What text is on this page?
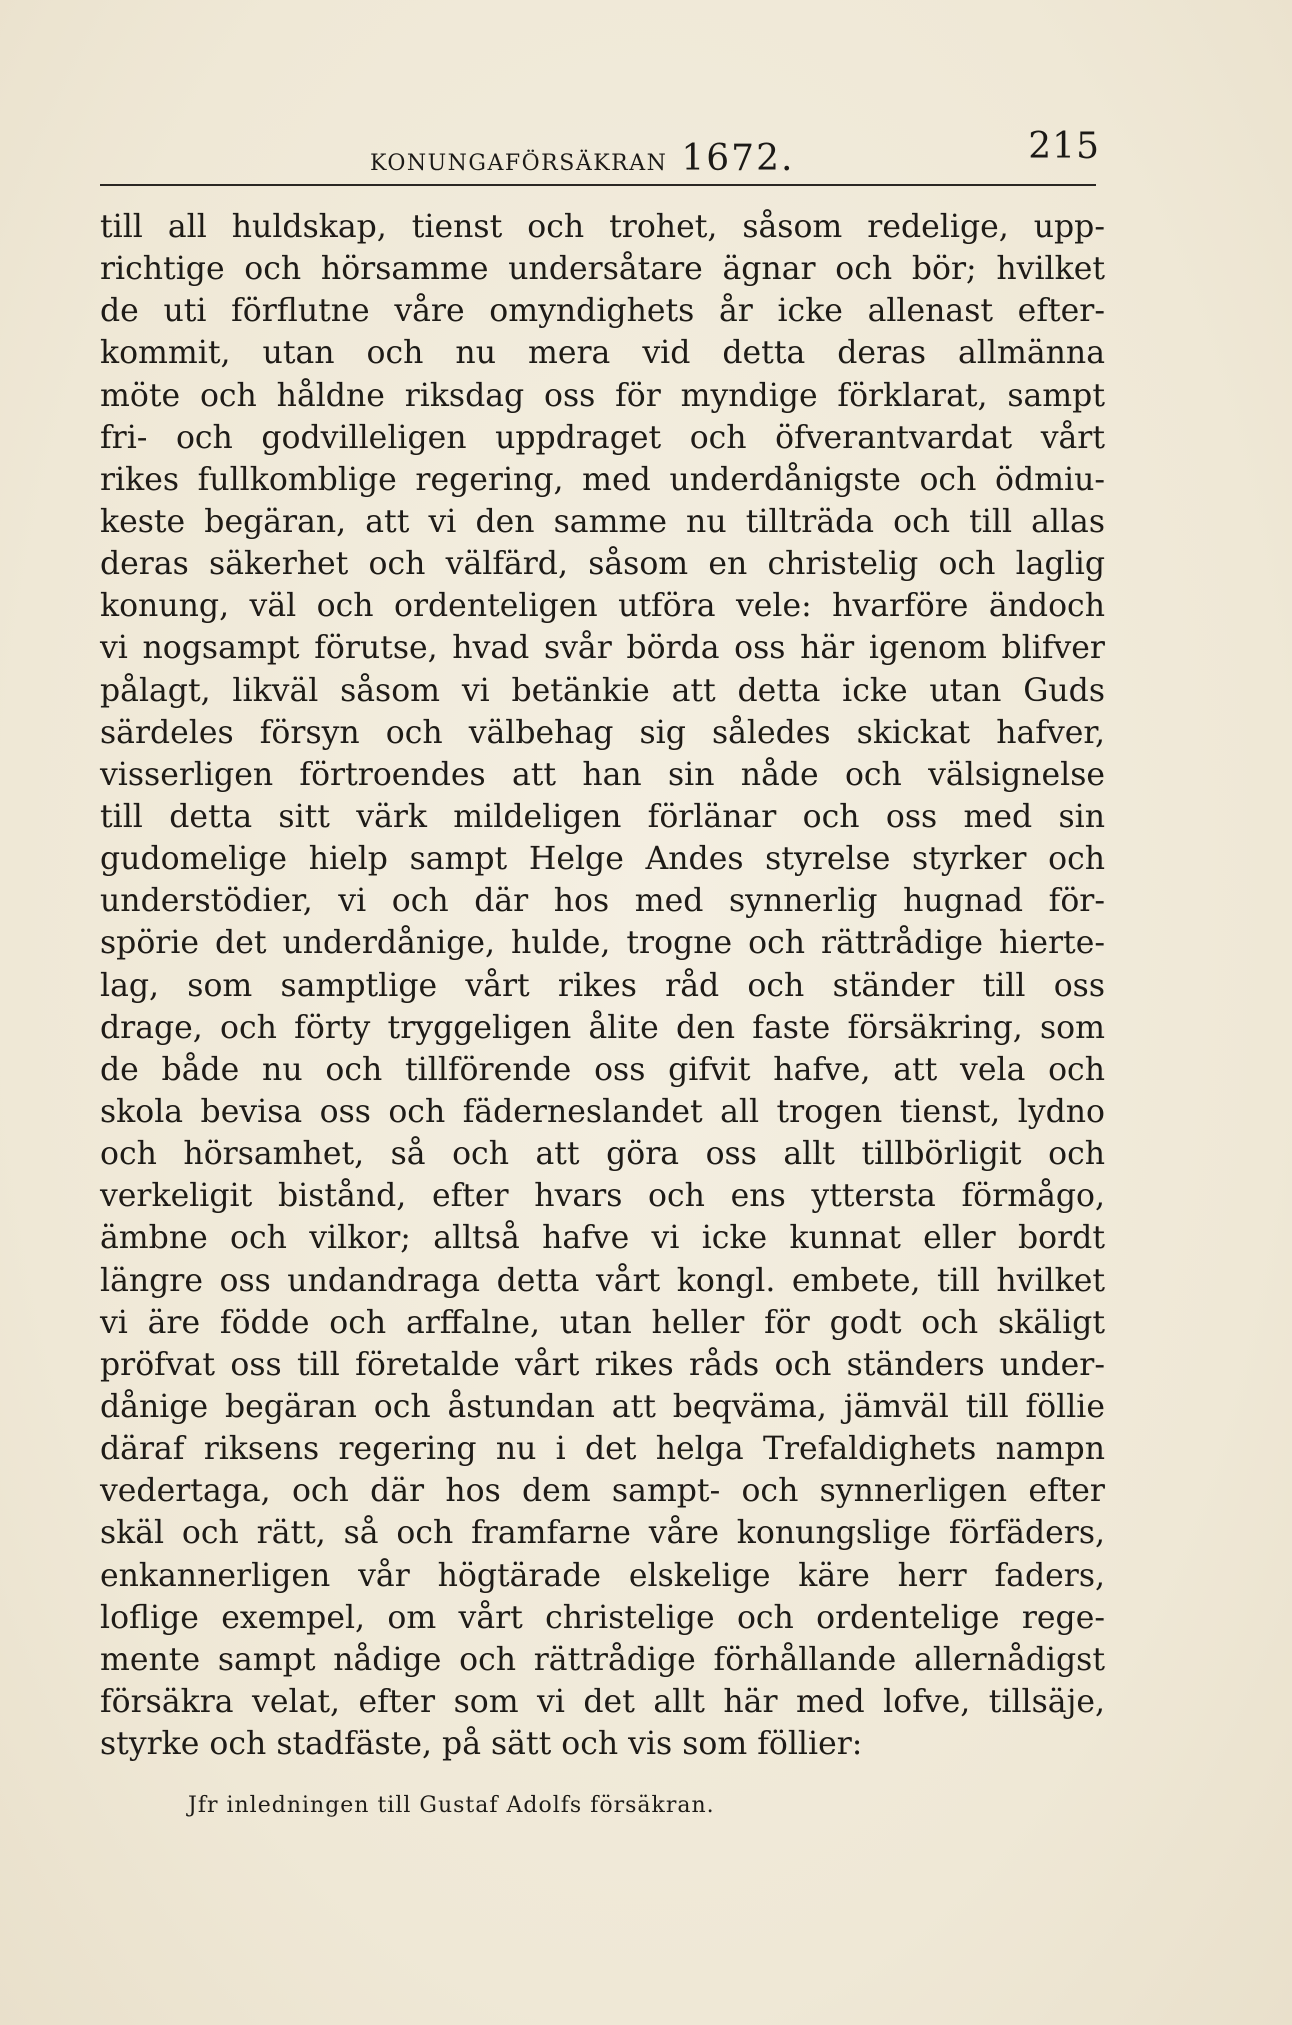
KONUNGAFÖRSÄKRAN 1672.	215
till all huldskap, tienst och trohet, såsom redelige, upp-
richtige och hörsamme undersåtare ägnar och bör; hvilket
de uti förflutne våre omyndighets år icke allenast efter-
kommit, utan och nu mera vid detta deras allmänna
möte och håldne riksdag oss för myndige förklarat, sampt
fri- och godvilleligen uppdraget och öfverantvardat vårt
rikes fullkomblige regering, med underdånigste och ödmiu-
keste begäran, att vi den samme nu tillträda och till allas
deras säkerhet och välfärd, såsom en christelig och laglig
konung, väl och ordenteligen utföra vele: hvarföre ändoch
vi nogsampt förutse, hvad svår börda oss här igenom blifver
pålagt, likväl såsom vi betänkie att detta icke utan Guds
särdeles försyn och välbehag sig således skickat hafver,
visserligen förtroendes att han sin nåde och välsignelse
till detta sitt värk mildeligen förlänar och oss med sin
gudomelige hielp sampt Helge Andes styrelse styrker och
understödier, vi och där hos med synnerlig hugnad för-
spörie det underdånige, hulde, trogne och rättrådige hierte-
lag, som samptlige vårt rikes råd och ständer till oss
drage, och förty tryggeligen ålite den faste försäkring, som
de både nu och tillförende oss gifvit hafve, att vela och
skola bevisa oss och fäderneslandet all trogen tienst, lydno
och hörsamhet, så och att göra oss allt tillbörligit och
verkeligit bistånd, efter hvars och ens yttersta förmågo,
ämbne och vilkor; alltså hafve vi icke kunnat eller bordt
längre oss undandraga detta vårt kongl. embete, till hvilket
vi äre födde och arffalne, utan heller för godt och skäligt
pröfvat oss till företalde vårt rikes råds och ständers under-
dånige begäran och åstundan att beqväma, jämväl till föllie
däraf riksens regering nu i det helga Trefaldighets nampn
vedertaga, och där hos dem sampt- och synnerligen efter
skäl och rätt, så och framfarne våre konungslige förfäders,
enkannerligen vår högtärade elskelige käre herr faders,
loflige exempel, om vårt christelige och ordentelige rege-
mente sampt nådige och rättrådige förhållande allernådigst
försäkra velat, efter som vi det allt här med lofve, tillsäje,
styrke och stadfäste, på sätt och vis som föllier:
Jfr inledningen till Gustaf Adolfs försäkran.
